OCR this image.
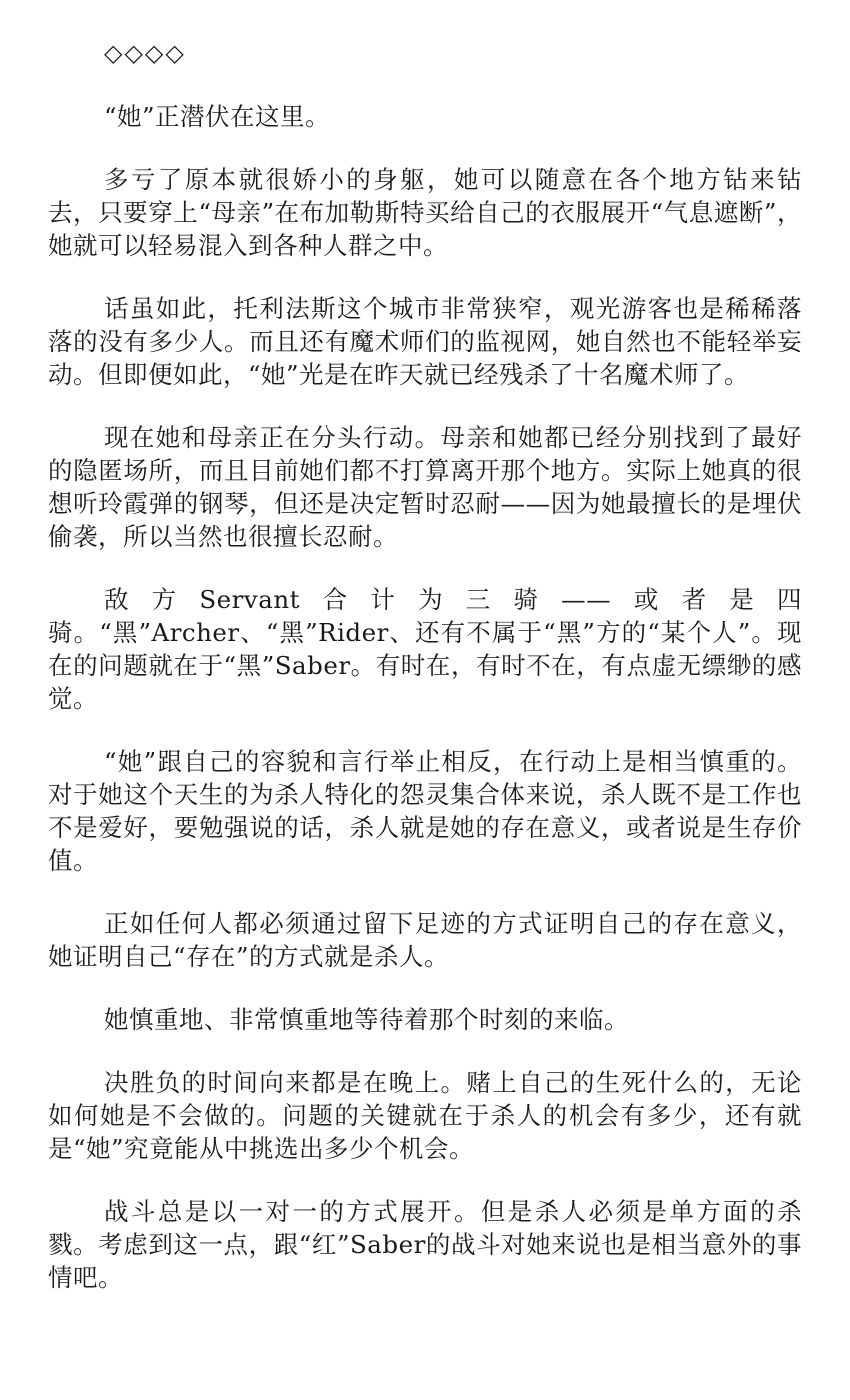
◇◇◇◇

“她”正潜伏在这里。

多亏了原本就很娇小的身躯，她可以随意在各个地方钻来钻去，只要穿上“母亲”在布加勒斯特买给自己的衣服展开“气息遮断”，她就可以轻易混入到各种人群之中。

话虽如此，托利法斯这个城市非常狭窄，观光游客也是稀稀落落的没有多少人。而且还有魔术师们的监视网，她自然也不能轻举妄动。但即便如此，“她”光是在昨天就已经残杀了十名魔术师了。

现在她和母亲正在分头行动。母亲和她都已经分别找到了最好的隐匿场所，而且目前她们都不打算离开那个地方。实际上她真的很想听玲霞弹的钢琴，但还是决定暂时忍耐——因为她最擅长的是埋伏偷袭，所以当然也很擅长忍耐。

敌方Servant合计为三骑——或者是四骑。“黑”Archer、“黑”Rider、还有不属于“黑”方的“某个人”。现在的问题就在于“黑”Saber。有时在，有时不在，有点虚无缥缈的感觉。

“她”跟自己的容貌和言行举止相反，在行动上是相当慎重的。对于她这个天生的为杀人特化的怨灵集合体来说，杀人既不是工作也不是爱好，要勉强说的话，杀人就是她的存在意义，或者说是生存价值。

正如任何人都必须通过留下足迹的方式证明自己的存在意义，她证明自己“存在”的方式就是杀人。

她慎重地、非常慎重地等待着那个时刻的来临。

决胜负的时间向来都是在晚上。赌上自己的生死什么的，无论如何她是不会做的。问题的关键就在于杀人的机会有多少，还有就是“她”究竟能从中挑选出多少个机会。

战斗总是以一对一的方式展开。但是杀人必须是单方面的杀戮。考虑到这一点，跟“红”Saber的战斗对她来说也是相当意外的事情吧。
